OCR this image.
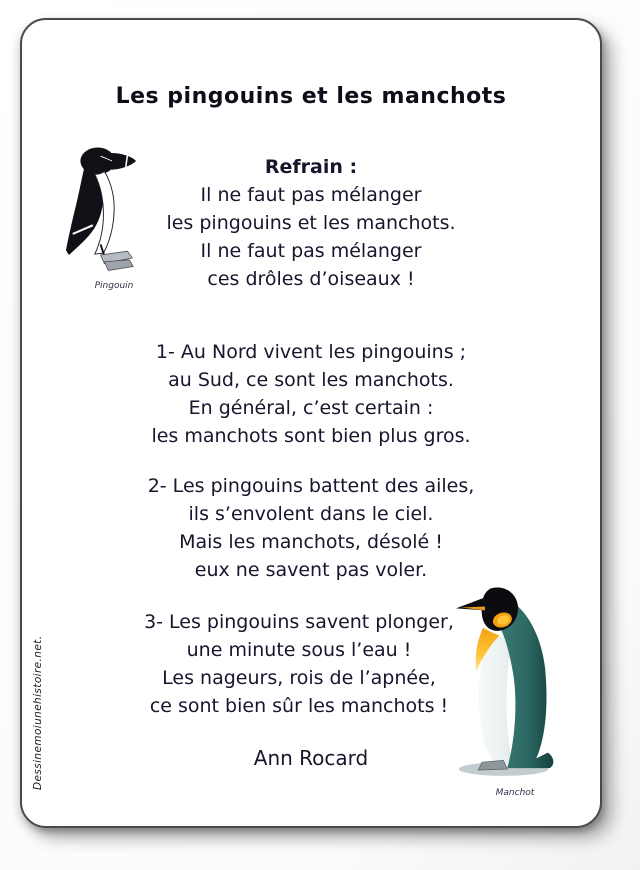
Les pingouins et les manchots
Pingouin
Refrain :
Il ne faut pas mélanger
les pingouins et les manchots.
Il ne faut pas mélanger
ces drôles d’oiseaux !
1- Au Nord vivent les pingouins ;
au Sud, ce sont les manchots.
En général, c’est certain :
les manchots sont bien plus gros.
2- Les pingouins battent des ailes,
ils s’envolent dans le ciel.
Mais les manchots, désolé !
eux ne savent pas voler.
3- Les pingouins savent plonger,
une minute sous l’eau !
Les nageurs, rois de l’apnée,
ce sont bien sûr les manchots !
Ann Rocard
Manchot
Dessinemoiunehistoire.net.
